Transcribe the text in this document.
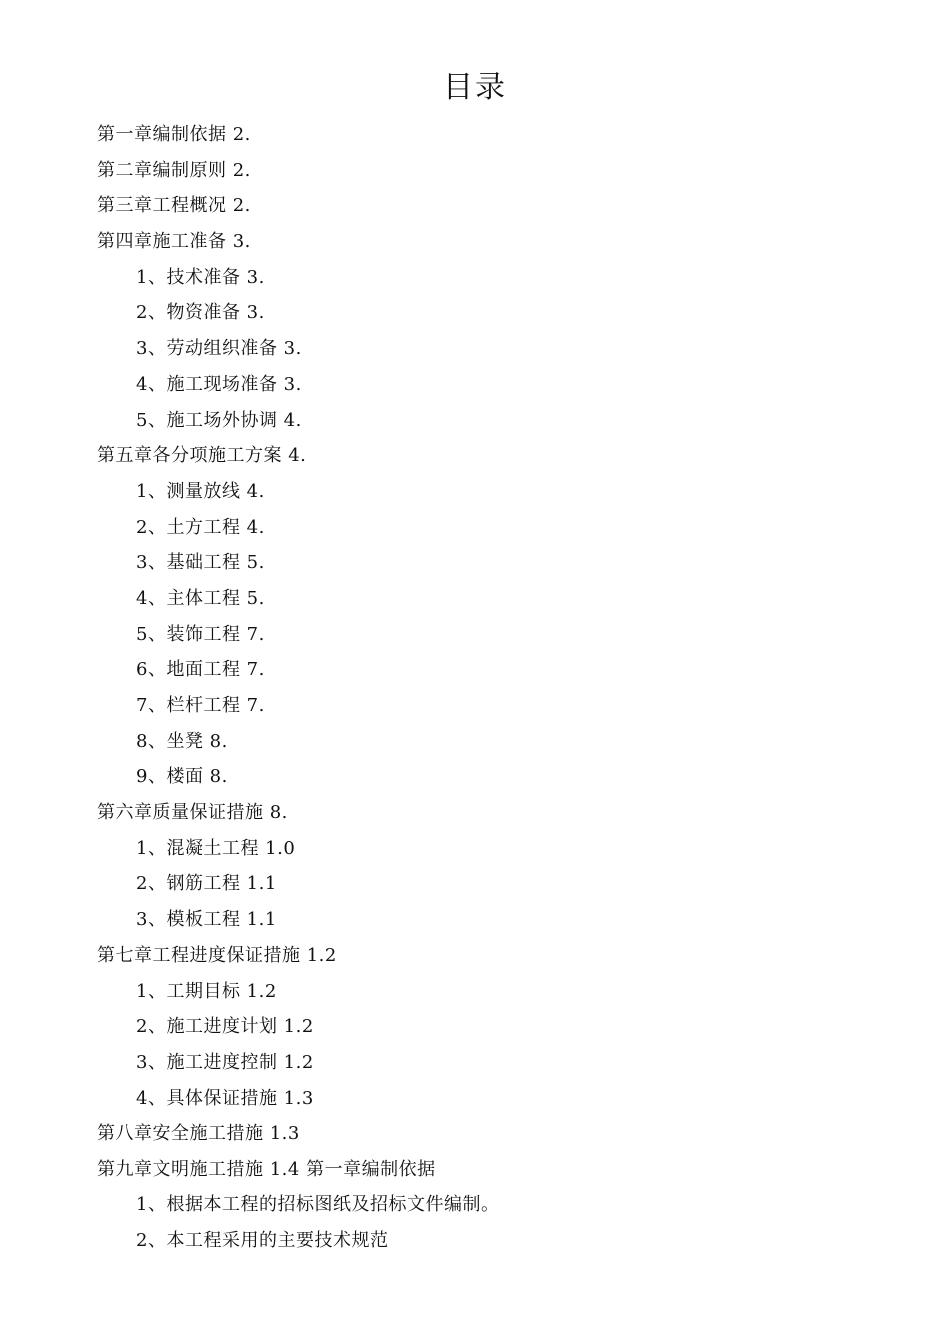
目录
第一章编制依据 2.
第二章编制原则 2.
第三章工程概况 2.
第四章施工准备 3.
1、技术准备 3.
2、物资准备 3.
3、劳动组织准备 3.
4、施工现场准备 3.
5、施工场外协调 4.
第五章各分项施工方案 4.
1、测量放线 4.
2、土方工程 4.
3、基础工程 5.
4、主体工程 5.
5、装饰工程 7.
6、地面工程 7.
7、栏杆工程 7.
8、坐凳 8.
9、楼面 8.
第六章质量保证措施 8.
1、混凝土工程 1.0
2、钢筋工程 1.1
3、模板工程 1.1
第七章工程进度保证措施 1.2
1、工期目标 1.2
2、施工进度计划 1.2
3、施工进度控制 1.2
4、具体保证措施 1.3
第八章安全施工措施 1.3
第九章文明施工措施 1.4 第一章编制依据
1、根据本工程的招标图纸及招标文件编制。
2、本工程采用的主要技术规范
